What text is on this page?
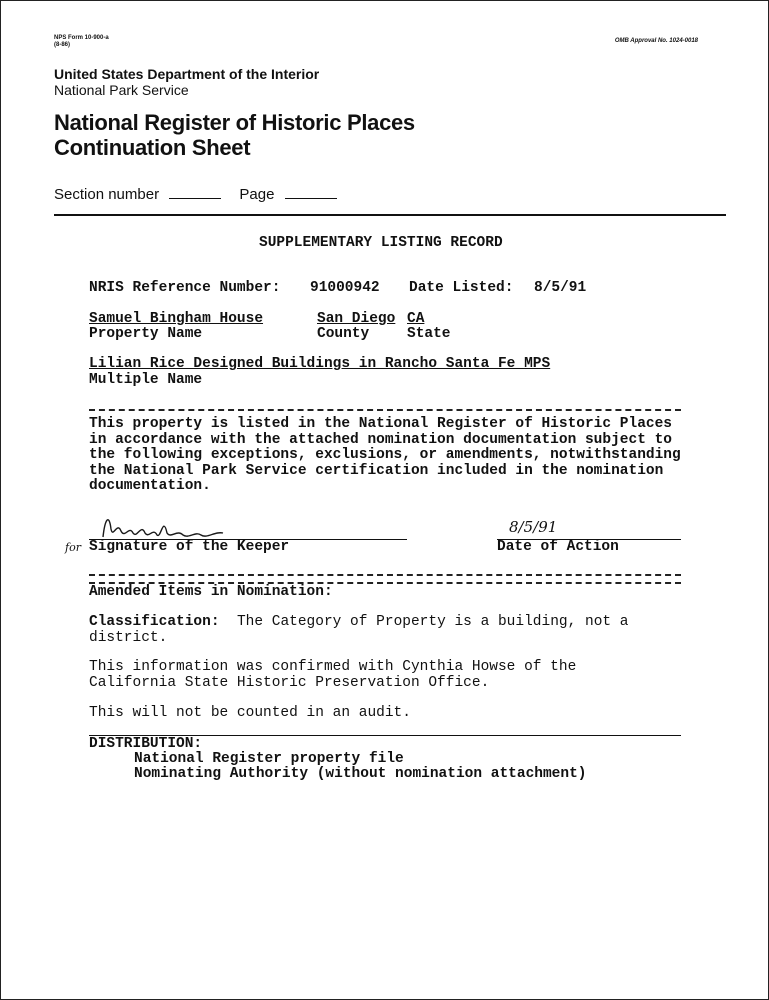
NPS Form 10-900-a
(8-86)
OMB Approval No. 1024-0018
United States Department of the Interior
National Park Service
National Register of Historic Places
Continuation Sheet
Section number	Page
SUPPLEMENTARY LISTING RECORD
NRIS Reference Number: 91000942 Date Listed: 8/5/91
Samuel Bingham House	San Diego CA
Property Name	County	State
Lilian Rice Designed Buildings in Rancho Santa Fe MPS
Multiple Name
This property is listed in the National Register of Historic Places in accordance with the attached nomination documentation subject to the following exceptions, exclusions, or amendments, notwithstanding the National Park Service certification included in the nomination documentation.
for Signature of the Keeper
8/5/91
Date of Action
Amended Items in Nomination:
Classification: The Category of Property is a building, not a district.
This information was confirmed with Cynthia Howse of the California State Historic Preservation Office.
This will not be counted in an audit.
DISTRIBUTION:
National Register property file
Nominating Authority (without nomination attachment)
